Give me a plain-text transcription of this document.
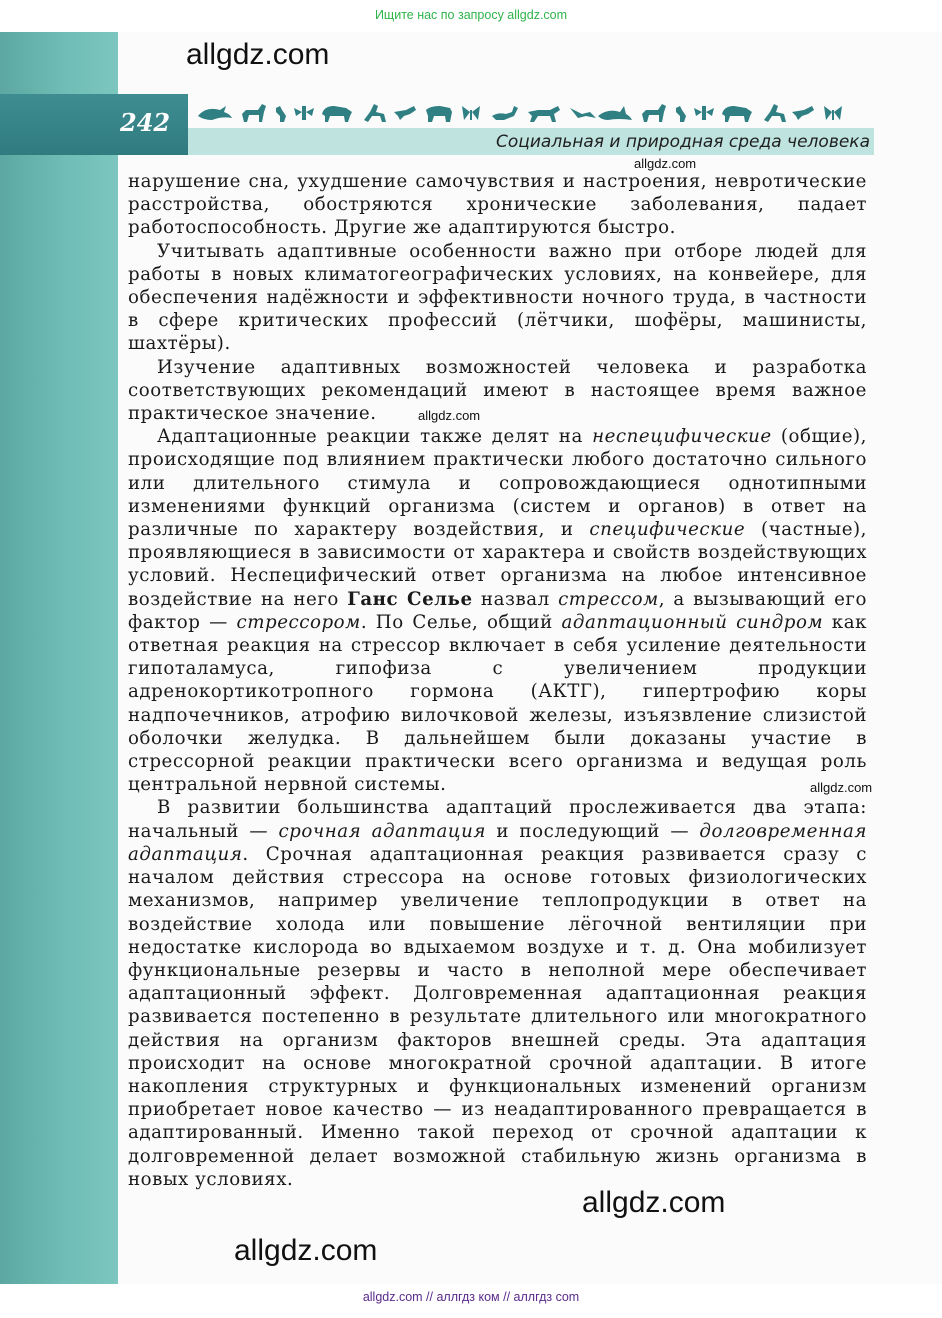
Ищите нас по запросу allgdz.com
242
Социальная и природная среда человека
allgdz.com
allgdz.com

нарушение сна, ухудшение самочувствия и настроения, невротические расстройства, обостряются хронические заболевания, падает работоспособность. Другие же адаптируются быстро.

Учитывать адаптивные особенности важно при отборе людей для работы в новых климатогеографических условиях, на конвейере, для обеспечения надёжности и эффективности ночного труда, в частности в сфере критических профессий (лётчики, шофёры, машинисты, шахтёры).

Изучение адаптивных возможностей человека и разработка соответствующих рекомендаций имеют в настоящее время важное практическое значение.

Адаптационные реакции также делят на неспецифические (общие), происходящие под влиянием практически любого достаточно сильного или длительного стимула и сопровождающиеся однотипными изменениями функций организма (систем и органов) в ответ на различные по характеру воздействия, и специфические (частные), проявляющиеся в зависимости от характера и свойств воздействующих условий. Неспецифический ответ организма на любое интенсивное воздействие на него Ганс Селье назвал стрессом, а вызывающий его фактор — стрессором. По Селье, общий адаптационный синдром как ответная реакция на стрессор включает в себя усиление деятельности гипоталамуса, гипофиза с увеличением продукции адренокортикотропного гормона (АКТГ), гипертрофию коры надпочечников, атрофию вилочковой железы, изъязвление слизистой оболочки желудка. В дальнейшем были доказаны участие в стрессорной реакции практически всего организма и ведущая роль центральной нервной системы.

В развитии большинства адаптаций прослеживается два этапа: начальный — срочная адаптация и последующий — долговременная адаптация. Срочная адаптационная реакция развивается сразу с началом действия стрессора на основе готовых физиологических механизмов, например увеличение теплопродукции в ответ на воздействие холода или повышение лёгочной вентиляции при недостатке кислорода во вдыхаемом воздухе и т. д. Она мобилизует функциональные резервы и часто в неполной мере обеспечивает адаптационный эффект. Долговременная адаптационная реакция развивается постепенно в результате длительного или многократного действия на организм факторов внешней среды. Эта адаптация происходит на основе многократной срочной адаптации. В итоге накопления структурных и функциональных изменений организм приобретает новое качество — из неадаптированного превращается в адаптированный. Именно такой переход от срочной адаптации к долговременной делает возможной стабильную жизнь организма в новых условиях.

allgdz.com
allgdz.com
allgdz.com
allgdz.com
allgdz.com // аллгдз ком // аллгдз com
